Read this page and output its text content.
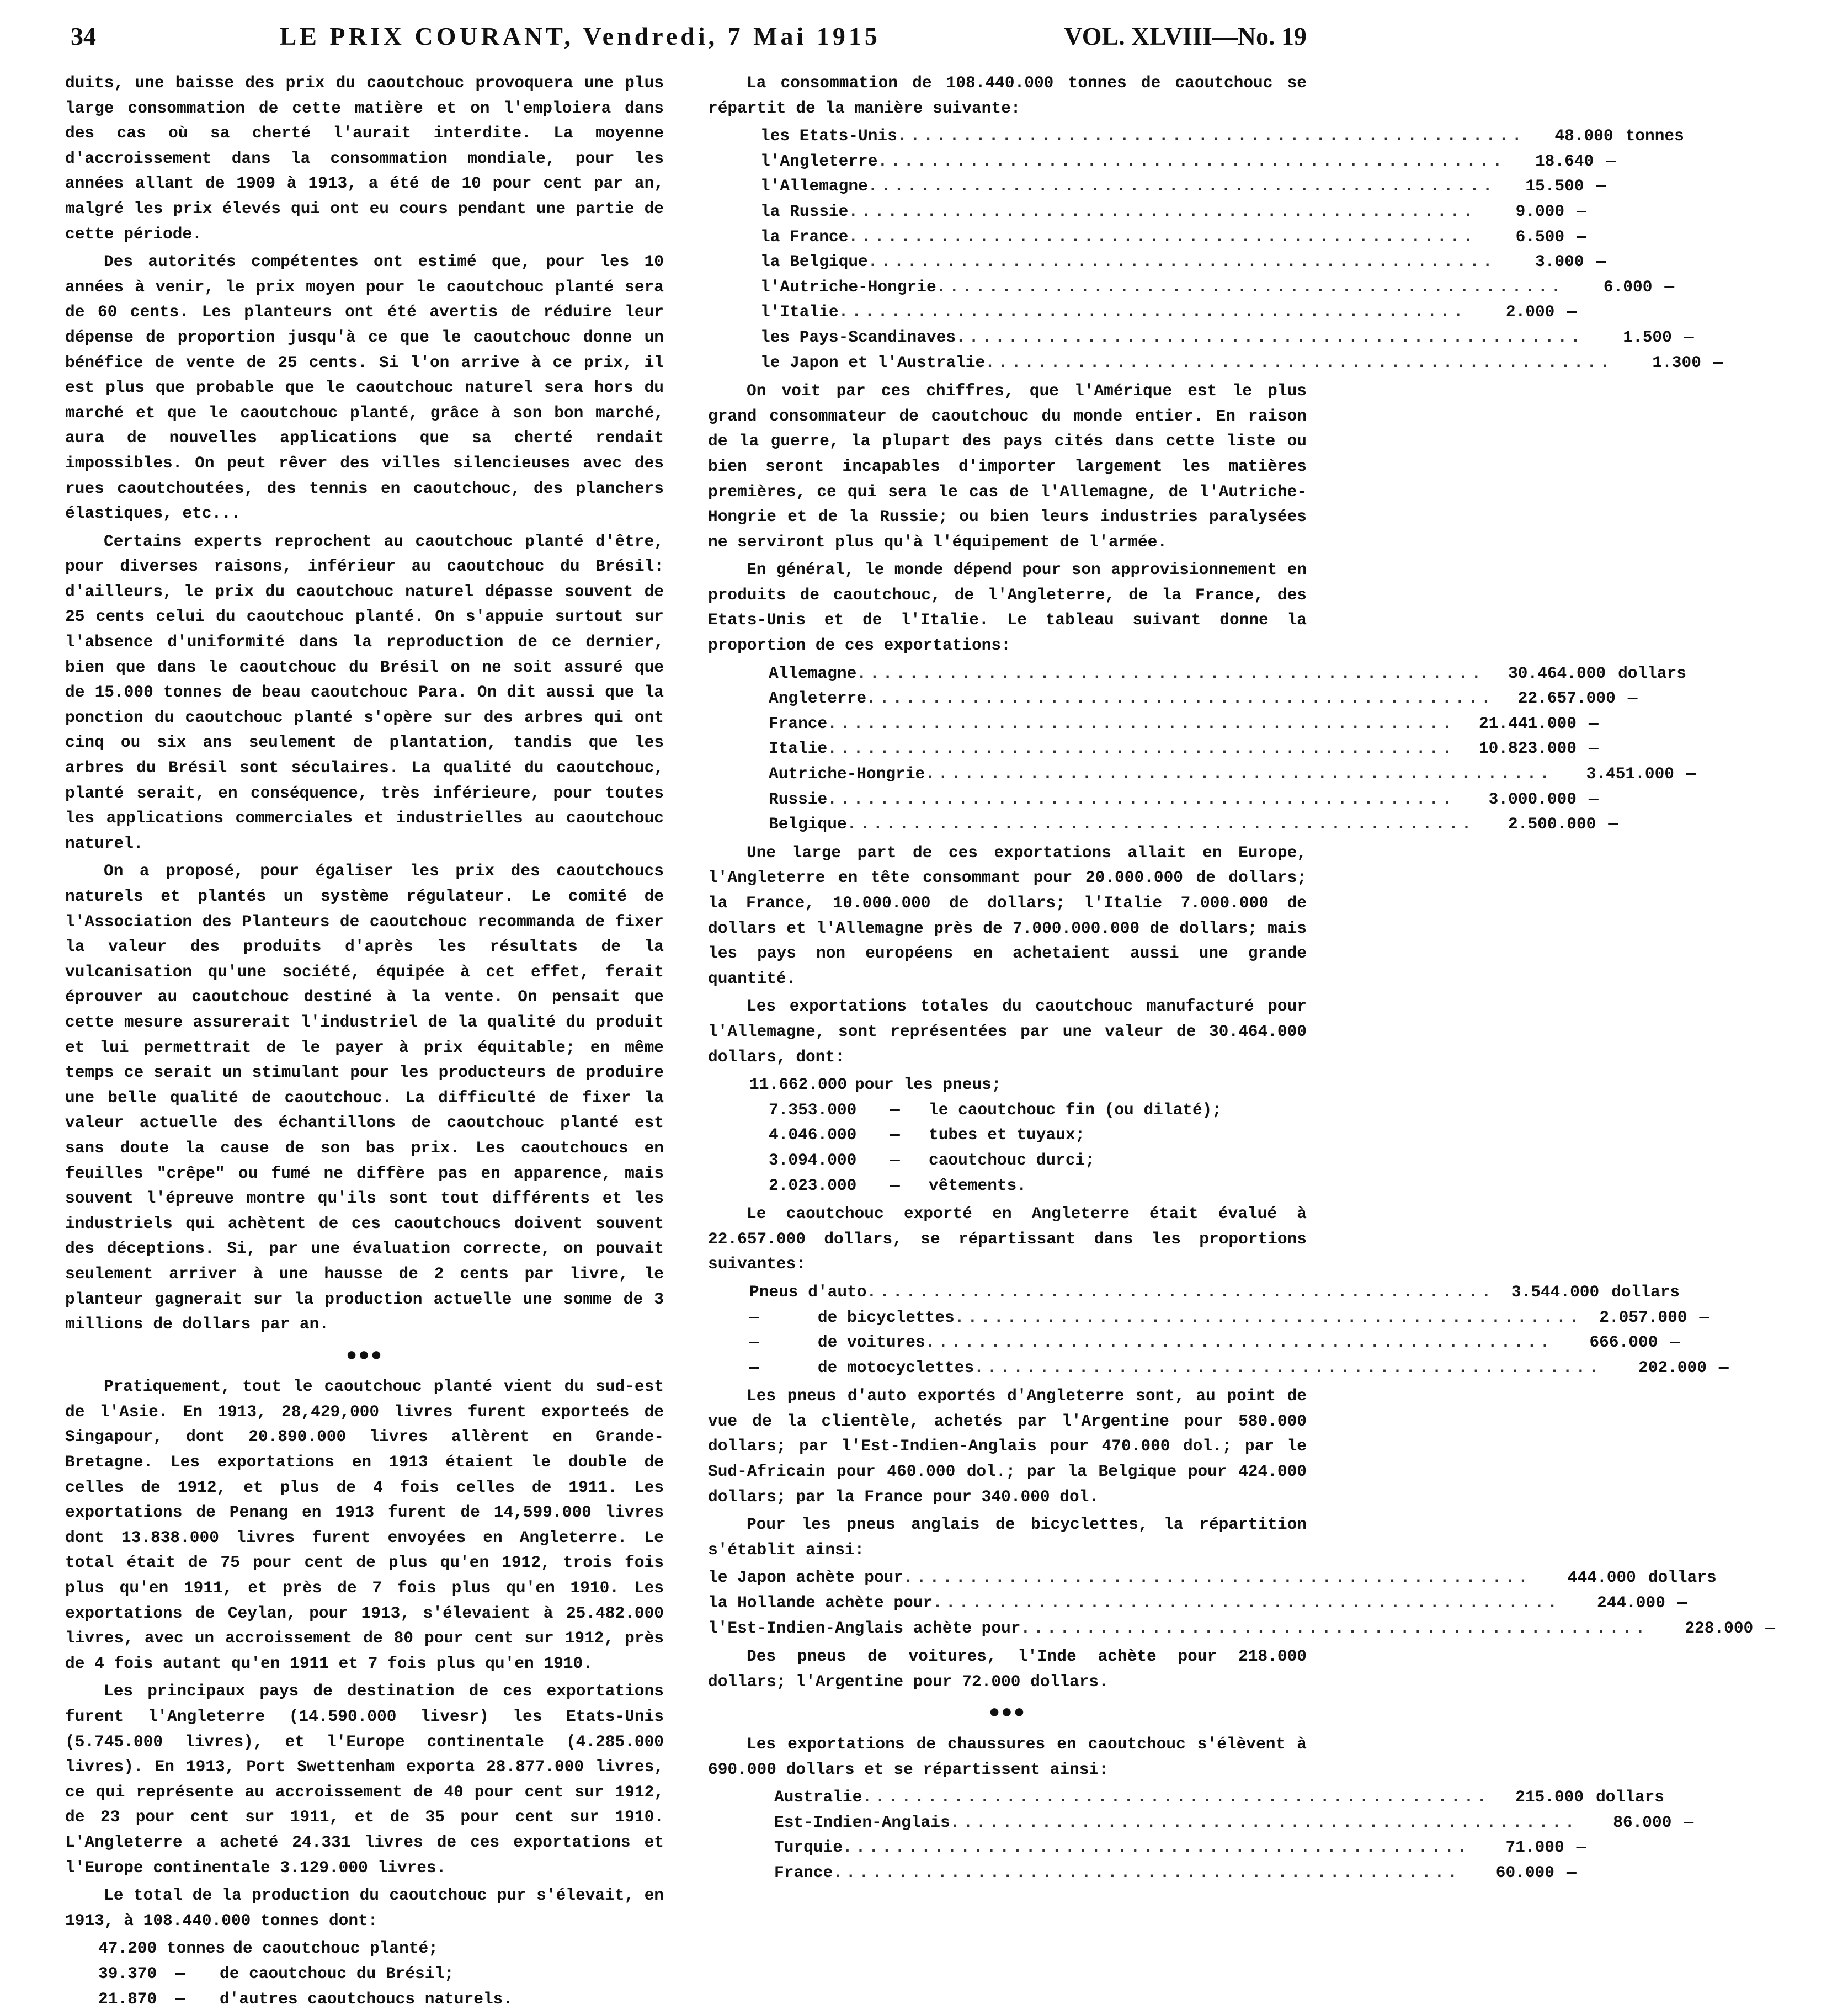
34	LE PRIX COURANT, Vendredi, 7 Mai 1915	VOL. XLVIII—No. 19

duits, une baisse des prix du caoutchouc provoquera une plus large consommation de cette matière et on l'emploiera dans des cas où sa cherté l'aurait interdite. La moyenne d'accroissement dans la consommation mondiale, pour les années allant de 1909 à 1913, a été de 10 pour cent par an, malgré les prix élevés qui ont eu cours pendant une partie de cette période.

Des autorités compétentes ont estimé que, pour les 10 années à venir, le prix moyen pour le caoutchouc planté sera de 60 cents. Les planteurs ont été avertis de réduire leur dépense de proportion jusqu'à ce que le caoutchouc donne un bénéfice de vente de 25 cents. Si l'on arrive à ce prix, il est plus que probable que le caoutchouc naturel sera hors du marché et que le caoutchouc planté, grâce à son bon marché, aura de nouvelles applications que sa cherté rendait impossibles. On peut rêver des villes silencieuses avec des rues caoutchoutées, des tennis en caoutchouc, des planchers élastiques, etc...

Certains experts reprochent au caoutchouc planté d'être, pour diverses raisons, inférieur au caoutchouc du Brésil: d'ailleurs, le prix du caoutchouc naturel dépasse souvent de 25 cents celui du caoutchouc planté. On s'appuie surtout sur l'absence d'uniformité dans la reproduction de ce dernier, bien que dans le caoutchouc du Brésil on ne soit assuré que de 15.000 tonnes de beau caoutchouc Para. On dit aussi que la ponction du caoutchouc planté s'opère sur des arbres qui ont cinq ou six ans seulement de plantation, tandis que les arbres du Brésil sont séculaires. La qualité du caoutchouc, planté serait, en conséquence, très inférieure, pour toutes les applications commerciales et industrielles au caoutchouc naturel.

On a proposé, pour égaliser les prix des caoutchoucs naturels et plantés un système régulateur. Le comité de l'Association des Planteurs de caoutchouc recommanda de fixer la valeur des produits d'après les résultats de la vulcanisation qu'une société, équipée à cet effet, ferait éprouver au caoutchouc destiné à la vente. On pensait que cette mesure assurerait l'industriel de la qualité du produit et lui permettrait de le payer à prix équitable; en même temps ce serait un stimulant pour les producteurs de produire une belle qualité de caoutchouc. La difficulté de fixer la valeur actuelle des échantillons de caoutchouc planté est sans doute la cause de son bas prix. Les caoutchoucs en feuilles "crêpe" ou fumé ne diffère pas en apparence, mais souvent l'épreuve montre qu'ils sont tout différents et les industriels qui achètent de ces caoutchoucs doivent souvent des déceptions. Si, par une évaluation correcte, on pouvait seulement arriver à une hausse de 2 cents par livre, le planteur gagnerait sur la production actuelle une somme de 3 millions de dollars par an.

●●●

Pratiquement, tout le caoutchouc planté vient du sud-est de l'Asie. En 1913, 28,429,000 livres furent exporteés de Singapour, dont 20.890.000 livres allèrent en Grande-Bretagne. Les exportations en 1913 étaient le double de celles de 1912, et plus de 4 fois celles de 1911. Les exportations de Penang en 1913 furent de 14,599.000 livres dont 13.838.000 livres furent envoyées en Angleterre. Le total était de 75 pour cent de plus qu'en 1912, trois fois plus qu'en 1911, et près de 7 fois plus qu'en 1910. Les exportations de Ceylan, pour 1913, s'élevaient à 25.482.000 livres, avec un accroissement de 80 pour cent sur 1912, près de 4 fois autant qu'en 1911 et 7 fois plus qu'en 1910.

Les principaux pays de destination de ces exportations furent l'Angleterre (14.590.000 livesr) les Etats-Unis (5.745.000 livres), et l'Europe continentale (4.285.000 livres). En 1913, Port Swettenham exporta 28.877.000 livres, ce qui représente au accroissement de 40 pour cent sur 1912, de 23 pour cent sur 1911, et de 35 pour cent sur 1910. L'Angleterre a acheté 24.331 livres de ces exportations et l'Europe continentale 3.129.000 livres.

Le total de la production du caoutchouc pur s'élevait, en 1913, à 108.440.000 tonnes dont:

47.200 tonnes de caoutchouc planté;
39.370	—	de caoutchouc du Brésil;
21.870	—	d'autres caoutchoucs naturels.

La consommation de 108.440.000 tonnes de caoutchouc se répartit de la manière suivante:

les Etats-Unis ................................................	48.000 tonnes
l'Angleterre ................................................	18.640 —
l'Allemagne ................................................	15.500 —
la Russie ................................................	9.000 —
la France ................................................	6.500 —
la Belgique ................................................	3.000 —
l'Autriche-Hongrie ................................................	6.000 —
l'Italie ................................................	2.000 —
les Pays-Scandinaves ................................................	1.500 —
le Japon et l'Australie ................................................	1.300 —

On voit par ces chiffres, que l'Amérique est le plus grand consommateur de caoutchouc du monde entier. En raison de la guerre, la plupart des pays cités dans cette liste ou bien seront incapables d'importer largement les matières premières, ce qui sera le cas de l'Allemagne, de l'Autriche-Hongrie et de la Russie; ou bien leurs industries paralysées ne serviront plus qu'à l'équipement de l'armée.

En général, le monde dépend pour son approvisionnement en produits de caoutchouc, de l'Angleterre, de la France, des Etats-Unis et de l'Italie. Le tableau suivant donne la proportion de ces exportations:

Allemagne ................................................	30.464.000 dollars
Angleterre ................................................	22.657.000 —
France ................................................	21.441.000 —
Italie ................................................	10.823.000 —
Autriche-Hongrie ................................................	3.451.000 —
Russie ................................................	3.000.000 —
Belgique ................................................	2.500.000 —

Une large part de ces exportations allait en Europe, l'Angleterre en tête consommant pour 20.000.000 de dollars; la France, 10.000.000 de dollars; l'Italie 7.000.000 de dollars et l'Allemagne près de 7.000.000.000 de dollars; mais les pays non européens en achetaient aussi une grande quantité.

Les exportations totales du caoutchouc manufacturé pour l'Allemagne, sont représentées par une valeur de 30.464.000 dollars, dont:

11.662.000 pour les pneus;
7.353.000	—	le caoutchouc fin (ou dilaté);
4.046.000	—	tubes et tuyaux;
3.094.000	—	caoutchouc durci;
2.023.000	—	vêtements.

Le caoutchouc exporté en Angleterre était évalué à 22.657.000 dollars, se répartissant dans les proportions suivantes:

Pneus d'auto ................................................	3.544.000 dollars
—      de bicyclettes ................................................	2.057.000 —
—      de voitures ................................................	666.000 —
—      de motocyclettes ................................................	202.000 —

Les pneus d'auto exportés d'Angleterre sont, au point de vue de la clientèle, achetés par l'Argentine pour 580.000 dollars; par l'Est-Indien-Anglais pour 470.000 dol.; par le Sud-Africain pour 460.000 dol.; par la Belgique pour 424.000 dollars; par la France pour 340.000 dol.

Pour les pneus anglais de bicyclettes, la répartition s'établit ainsi:

le Japon achète pour ................................................	444.000 dollars
la Hollande achète pour ................................................	244.000 —
l'Est-Indien-Anglais achète pour ................................................	228.000 —

Des pneus de voitures, l'Inde achète pour 218.000 dollars; l'Argentine pour 72.000 dollars.

●●●

Les exportations de chaussures en caoutchouc s'élèvent à 690.000 dollars et se répartissent ainsi:

Australie ................................................	215.000 dollars
Est-Indien-Anglais ................................................	86.000 —
Turquie ................................................	71.000 —
France ................................................	60.000 —
